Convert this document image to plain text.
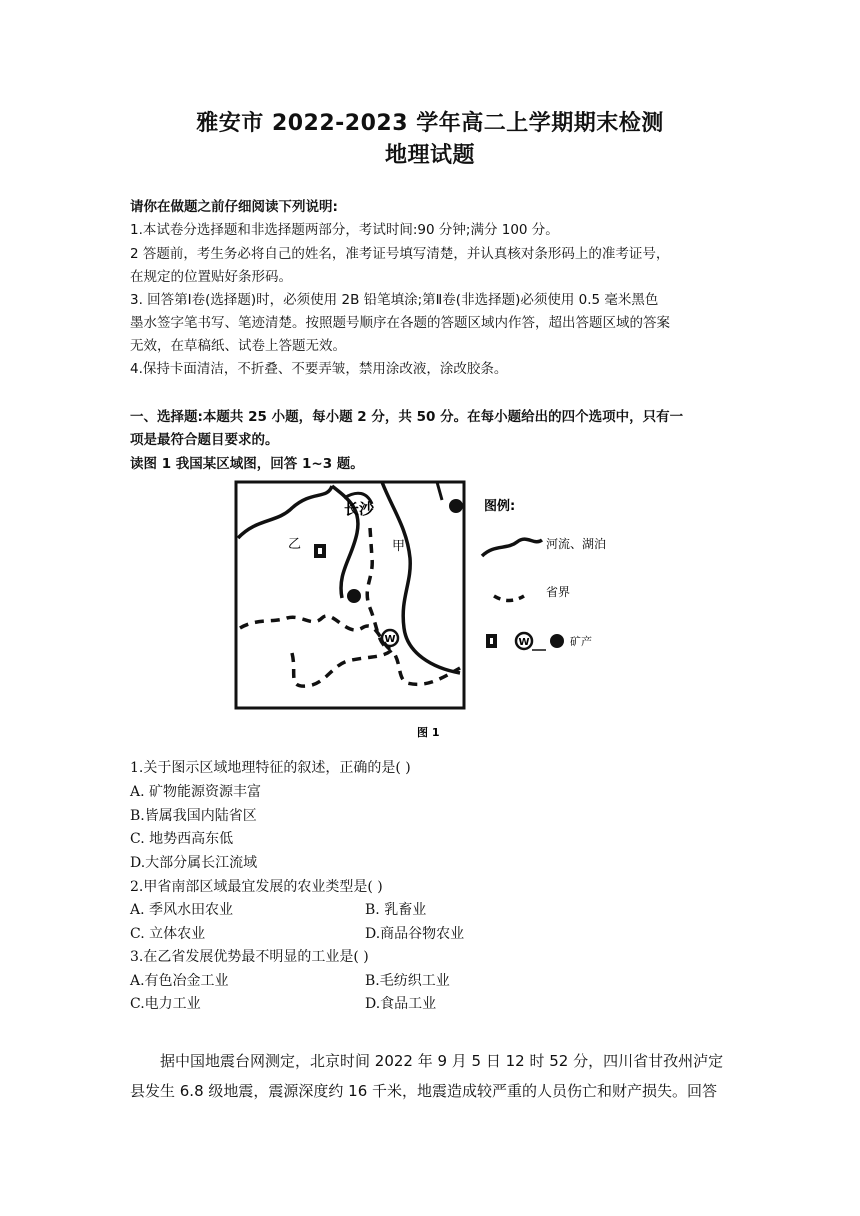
雅安市 2022-2023 学年高二上学期期末检测
地理试题
请你在做题之前仔细阅读下列说明:
1.本试卷分选择题和非选择题两部分，考试时间:90 分钟;满分 100 分。
2 答题前，考生务必将自己的姓名，准考证号填写清楚，并认真核对条形码上的准考证号，
在规定的位置贴好条形码。
3. 回答第Ⅰ卷(选择题)时，必须使用 2B 铅笔填涂;第Ⅱ卷(非选择题)必须使用 0.5 毫米黑色
墨水签字笔书写、笔迹清楚。按照题号顺序在各题的答题区域内作答，超出答题区域的答案
无效，在草稿纸、试卷上答题无效。
4.保持卡面清洁，不折叠、不要弄皱，禁用涂改液，涂改胶条。
一、选择题:本题共 25 小题，每小题 2 分，共 50 分。在每小题给出的四个选项中，只有一
项是最符合题目要求的。
读图 1 我国某区域图，回答 1~3 题。
W
长沙
甲
乙
图例:
河流、湖泊
省界
W	矿产
图 1
1.关于图示区域地理特征的叙述，正确的是( )
A. 矿物能源资源丰富
B.皆属我国内陆省区
C. 地势西高东低
D.大部分属长江流域
2.甲省南部区域最宜发展的农业类型是( )
A. 季风水田农业	B. 乳畜业
C. 立体农业	D.商品谷物农业
3.在乙省发展优势最不明显的工业是( )
A.有色冶金工业	B.毛纺织工业
C.电力工业	D.食品工业
据中国地震台网测定，北京时间 2022 年 9 月 5 日 12 时 52 分，四川省甘孜州泸定
县发生 6.8 级地震，震源深度约 16 千米，地震造成较严重的人员伤亡和财产损失。回答
